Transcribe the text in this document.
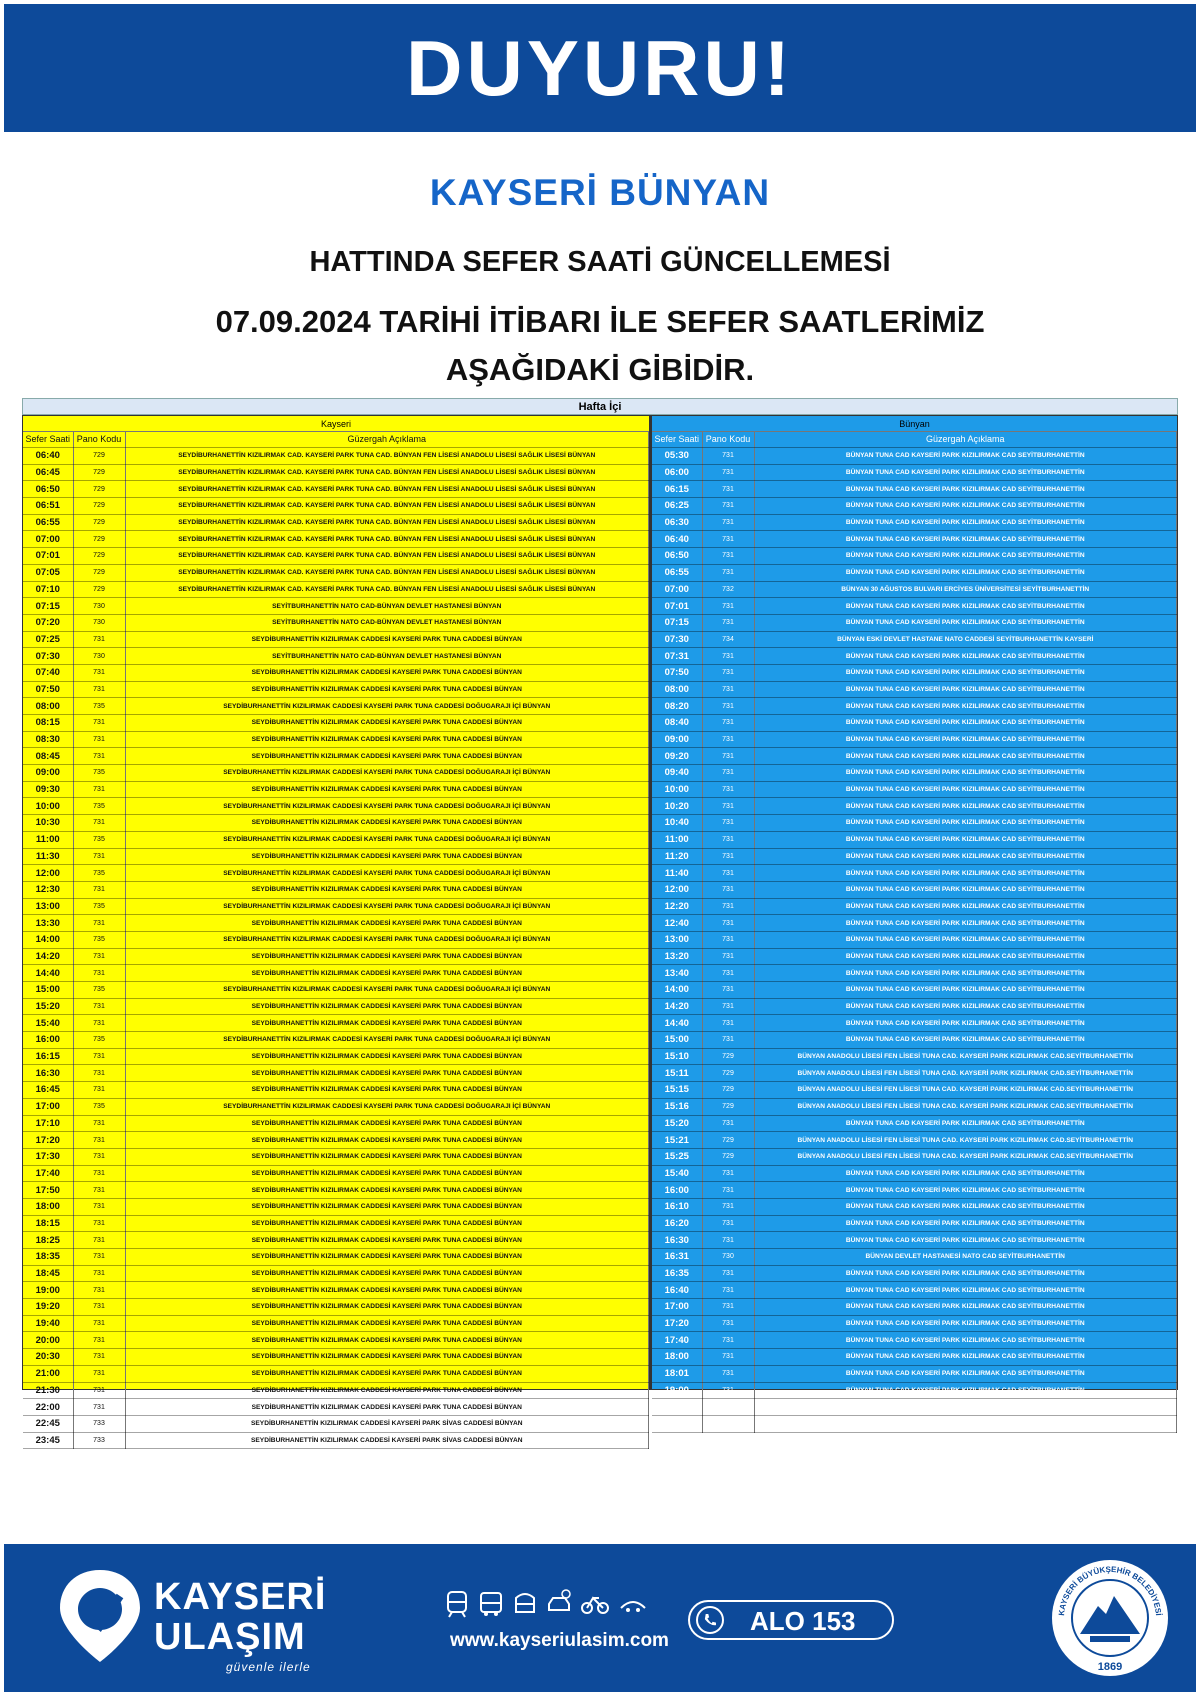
DUYURU!
KAYSERİ BÜNYAN
HATTINDA SEFER SAATİ GÜNCELLEMESİ
07.09.2024 TARİHİ İTİBARI İLE SEFER SAATLERİMİZ
AŞAĞIDAKİ GİBİDİR.
Hafta İçi
Kayseri
Sefer Saati	Pano Kodu	Güzergah Açıklama
06:40	729	SEYDİBURHANETTİN KIZILIRMAK CAD. KAYSERİ PARK TUNA CAD. BÜNYAN FEN LİSESİ ANADOLU LİSESİ SAĞLIK LİSESİ BÜNYAN
06:45	729	SEYDİBURHANETTİN KIZILIRMAK CAD. KAYSERİ PARK TUNA CAD. BÜNYAN FEN LİSESİ ANADOLU LİSESİ SAĞLIK LİSESİ BÜNYAN
06:50	729	SEYDİBURHANETTİN KIZILIRMAK CAD. KAYSERİ PARK TUNA CAD. BÜNYAN FEN LİSESİ ANADOLU LİSESİ SAĞLIK LİSESİ BÜNYAN
06:51	729	SEYDİBURHANETTİN KIZILIRMAK CAD. KAYSERİ PARK TUNA CAD. BÜNYAN FEN LİSESİ ANADOLU LİSESİ SAĞLIK LİSESİ BÜNYAN
06:55	729	SEYDİBURHANETTİN KIZILIRMAK CAD. KAYSERİ PARK TUNA CAD. BÜNYAN FEN LİSESİ ANADOLU LİSESİ SAĞLIK LİSESİ BÜNYAN
07:00	729	SEYDİBURHANETTİN KIZILIRMAK CAD. KAYSERİ PARK TUNA CAD. BÜNYAN FEN LİSESİ ANADOLU LİSESİ SAĞLIK LİSESİ BÜNYAN
07:01	729	SEYDİBURHANETTİN KIZILIRMAK CAD. KAYSERİ PARK TUNA CAD. BÜNYAN FEN LİSESİ ANADOLU LİSESİ SAĞLIK LİSESİ BÜNYAN
07:05	729	SEYDİBURHANETTİN KIZILIRMAK CAD. KAYSERİ PARK TUNA CAD. BÜNYAN FEN LİSESİ ANADOLU LİSESİ SAĞLIK LİSESİ BÜNYAN
07:10	729	SEYDİBURHANETTİN KIZILIRMAK CAD. KAYSERİ PARK TUNA CAD. BÜNYAN FEN LİSESİ ANADOLU LİSESİ SAĞLIK LİSESİ BÜNYAN
07:15	730	SEYİTBURHANETTİN NATO CAD-BÜNYAN DEVLET HASTANESİ BÜNYAN
07:20	730	SEYİTBURHANETTİN NATO CAD-BÜNYAN DEVLET HASTANESİ BÜNYAN
07:25	731	SEYDİBURHANETTİN KIZILIRMAK CADDESİ KAYSERİ PARK TUNA CADDESİ BÜNYAN
07:30	730	SEYİTBURHANETTİN NATO CAD-BÜNYAN DEVLET HASTANESİ BÜNYAN
07:40	731	SEYDİBURHANETTİN KIZILIRMAK CADDESİ KAYSERİ PARK TUNA CADDESİ BÜNYAN
07:50	731	SEYDİBURHANETTİN KIZILIRMAK CADDESİ KAYSERİ PARK TUNA CADDESİ BÜNYAN
08:00	735	SEYDİBURHANETTİN KIZILIRMAK CADDESİ KAYSERİ PARK TUNA CADDESİ DOĞUGARAJI İÇİ BÜNYAN
08:15	731	SEYDİBURHANETTİN KIZILIRMAK CADDESİ KAYSERİ PARK TUNA CADDESİ BÜNYAN
08:30	731	SEYDİBURHANETTİN KIZILIRMAK CADDESİ KAYSERİ PARK TUNA CADDESİ BÜNYAN
08:45	731	SEYDİBURHANETTİN KIZILIRMAK CADDESİ KAYSERİ PARK TUNA CADDESİ BÜNYAN
09:00	735	SEYDİBURHANETTİN KIZILIRMAK CADDESİ KAYSERİ PARK TUNA CADDESİ DOĞUGARAJI İÇİ BÜNYAN
09:30	731	SEYDİBURHANETTİN KIZILIRMAK CADDESİ KAYSERİ PARK TUNA CADDESİ BÜNYAN
10:00	735	SEYDİBURHANETTİN KIZILIRMAK CADDESİ KAYSERİ PARK TUNA CADDESİ DOĞUGARAJI İÇİ BÜNYAN
10:30	731	SEYDİBURHANETTİN KIZILIRMAK CADDESİ KAYSERİ PARK TUNA CADDESİ BÜNYAN
11:00	735	SEYDİBURHANETTİN KIZILIRMAK CADDESİ KAYSERİ PARK TUNA CADDESİ DOĞUGARAJI İÇİ BÜNYAN
11:30	731	SEYDİBURHANETTİN KIZILIRMAK CADDESİ KAYSERİ PARK TUNA CADDESİ BÜNYAN
12:00	735	SEYDİBURHANETTİN KIZILIRMAK CADDESİ KAYSERİ PARK TUNA CADDESİ DOĞUGARAJI İÇİ BÜNYAN
12:30	731	SEYDİBURHANETTİN KIZILIRMAK CADDESİ KAYSERİ PARK TUNA CADDESİ BÜNYAN
13:00	735	SEYDİBURHANETTİN KIZILIRMAK CADDESİ KAYSERİ PARK TUNA CADDESİ DOĞUGARAJI İÇİ BÜNYAN
13:30	731	SEYDİBURHANETTİN KIZILIRMAK CADDESİ KAYSERİ PARK TUNA CADDESİ BÜNYAN
14:00	735	SEYDİBURHANETTİN KIZILIRMAK CADDESİ KAYSERİ PARK TUNA CADDESİ DOĞUGARAJI İÇİ BÜNYAN
14:20	731	SEYDİBURHANETTİN KIZILIRMAK CADDESİ KAYSERİ PARK TUNA CADDESİ BÜNYAN
14:40	731	SEYDİBURHANETTİN KIZILIRMAK CADDESİ KAYSERİ PARK TUNA CADDESİ BÜNYAN
15:00	735	SEYDİBURHANETTİN KIZILIRMAK CADDESİ KAYSERİ PARK TUNA CADDESİ DOĞUGARAJI İÇİ BÜNYAN
15:20	731	SEYDİBURHANETTİN KIZILIRMAK CADDESİ KAYSERİ PARK TUNA CADDESİ BÜNYAN
15:40	731	SEYDİBURHANETTİN KIZILIRMAK CADDESİ KAYSERİ PARK TUNA CADDESİ BÜNYAN
16:00	735	SEYDİBURHANETTİN KIZILIRMAK CADDESİ KAYSERİ PARK TUNA CADDESİ DOĞUGARAJI İÇİ BÜNYAN
16:15	731	SEYDİBURHANETTİN KIZILIRMAK CADDESİ KAYSERİ PARK TUNA CADDESİ BÜNYAN
16:30	731	SEYDİBURHANETTİN KIZILIRMAK CADDESİ KAYSERİ PARK TUNA CADDESİ BÜNYAN
16:45	731	SEYDİBURHANETTİN KIZILIRMAK CADDESİ KAYSERİ PARK TUNA CADDESİ BÜNYAN
17:00	735	SEYDİBURHANETTİN KIZILIRMAK CADDESİ KAYSERİ PARK TUNA CADDESİ DOĞUGARAJI İÇİ BÜNYAN
17:10	731	SEYDİBURHANETTİN KIZILIRMAK CADDESİ KAYSERİ PARK TUNA CADDESİ BÜNYAN
17:20	731	SEYDİBURHANETTİN KIZILIRMAK CADDESİ KAYSERİ PARK TUNA CADDESİ BÜNYAN
17:30	731	SEYDİBURHANETTİN KIZILIRMAK CADDESİ KAYSERİ PARK TUNA CADDESİ BÜNYAN
17:40	731	SEYDİBURHANETTİN KIZILIRMAK CADDESİ KAYSERİ PARK TUNA CADDESİ BÜNYAN
17:50	731	SEYDİBURHANETTİN KIZILIRMAK CADDESİ KAYSERİ PARK TUNA CADDESİ BÜNYAN
18:00	731	SEYDİBURHANETTİN KIZILIRMAK CADDESİ KAYSERİ PARK TUNA CADDESİ BÜNYAN
18:15	731	SEYDİBURHANETTİN KIZILIRMAK CADDESİ KAYSERİ PARK TUNA CADDESİ BÜNYAN
18:25	731	SEYDİBURHANETTİN KIZILIRMAK CADDESİ KAYSERİ PARK TUNA CADDESİ BÜNYAN
18:35	731	SEYDİBURHANETTİN KIZILIRMAK CADDESİ KAYSERİ PARK TUNA CADDESİ BÜNYAN
18:45	731	SEYDİBURHANETTİN KIZILIRMAK CADDESİ KAYSERİ PARK TUNA CADDESİ BÜNYAN
19:00	731	SEYDİBURHANETTİN KIZILIRMAK CADDESİ KAYSERİ PARK TUNA CADDESİ BÜNYAN
19:20	731	SEYDİBURHANETTİN KIZILIRMAK CADDESİ KAYSERİ PARK TUNA CADDESİ BÜNYAN
19:40	731	SEYDİBURHANETTİN KIZILIRMAK CADDESİ KAYSERİ PARK TUNA CADDESİ BÜNYAN
20:00	731	SEYDİBURHANETTİN KIZILIRMAK CADDESİ KAYSERİ PARK TUNA CADDESİ BÜNYAN
20:30	731	SEYDİBURHANETTİN KIZILIRMAK CADDESİ KAYSERİ PARK TUNA CADDESİ BÜNYAN
21:00	731	SEYDİBURHANETTİN KIZILIRMAK CADDESİ KAYSERİ PARK TUNA CADDESİ BÜNYAN
21:30	731	SEYDİBURHANETTİN KIZILIRMAK CADDESİ KAYSERİ PARK TUNA CADDESİ BÜNYAN
22:00	731	SEYDİBURHANETTİN KIZILIRMAK CADDESİ KAYSERİ PARK TUNA CADDESİ BÜNYAN
22:45	733	SEYDİBURHANETTİN KIZILIRMAK CADDESİ KAYSERİ PARK SİVAS CADDESİ BÜNYAN
23:45	733	SEYDİBURHANETTİN KIZILIRMAK CADDESİ KAYSERİ PARK SİVAS CADDESİ BÜNYAN
Bünyan
Sefer Saati	Pano Kodu	Güzergah Açıklama
05:30	731	BÜNYAN TUNA CAD KAYSERİ PARK KIZILIRMAK CAD SEYİTBURHANETTİN
06:00	731	BÜNYAN TUNA CAD KAYSERİ PARK KIZILIRMAK CAD SEYİTBURHANETTİN
06:15	731	BÜNYAN TUNA CAD KAYSERİ PARK KIZILIRMAK CAD SEYİTBURHANETTİN
06:25	731	BÜNYAN TUNA CAD KAYSERİ PARK KIZILIRMAK CAD SEYİTBURHANETTİN
06:30	731	BÜNYAN TUNA CAD KAYSERİ PARK KIZILIRMAK CAD SEYİTBURHANETTİN
06:40	731	BÜNYAN TUNA CAD KAYSERİ PARK KIZILIRMAK CAD SEYİTBURHANETTİN
06:50	731	BÜNYAN TUNA CAD KAYSERİ PARK KIZILIRMAK CAD SEYİTBURHANETTİN
06:55	731	BÜNYAN TUNA CAD KAYSERİ PARK KIZILIRMAK CAD SEYİTBURHANETTİN
07:00	732	BÜNYAN 30 AĞUSTOS BULVARI ERCİYES ÜNİVERSİTESİ SEYİTBURHANETTİN
07:01	731	BÜNYAN TUNA CAD KAYSERİ PARK KIZILIRMAK CAD SEYİTBURHANETTİN
07:15	731	BÜNYAN TUNA CAD KAYSERİ PARK KIZILIRMAK CAD SEYİTBURHANETTİN
07:30	734	BÜNYAN ESKİ DEVLET HASTANE NATO CADDESİ SEYİTBURHANETTİN KAYSERİ
07:31	731	BÜNYAN TUNA CAD KAYSERİ PARK KIZILIRMAK CAD SEYİTBURHANETTİN
07:50	731	BÜNYAN TUNA CAD KAYSERİ PARK KIZILIRMAK CAD SEYİTBURHANETTİN
08:00	731	BÜNYAN TUNA CAD KAYSERİ PARK KIZILIRMAK CAD SEYİTBURHANETTİN
08:20	731	BÜNYAN TUNA CAD KAYSERİ PARK KIZILIRMAK CAD SEYİTBURHANETTİN
08:40	731	BÜNYAN TUNA CAD KAYSERİ PARK KIZILIRMAK CAD SEYİTBURHANETTİN
09:00	731	BÜNYAN TUNA CAD KAYSERİ PARK KIZILIRMAK CAD SEYİTBURHANETTİN
09:20	731	BÜNYAN TUNA CAD KAYSERİ PARK KIZILIRMAK CAD SEYİTBURHANETTİN
09:40	731	BÜNYAN TUNA CAD KAYSERİ PARK KIZILIRMAK CAD SEYİTBURHANETTİN
10:00	731	BÜNYAN TUNA CAD KAYSERİ PARK KIZILIRMAK CAD SEYİTBURHANETTİN
10:20	731	BÜNYAN TUNA CAD KAYSERİ PARK KIZILIRMAK CAD SEYİTBURHANETTİN
10:40	731	BÜNYAN TUNA CAD KAYSERİ PARK KIZILIRMAK CAD SEYİTBURHANETTİN
11:00	731	BÜNYAN TUNA CAD KAYSERİ PARK KIZILIRMAK CAD SEYİTBURHANETTİN
11:20	731	BÜNYAN TUNA CAD KAYSERİ PARK KIZILIRMAK CAD SEYİTBURHANETTİN
11:40	731	BÜNYAN TUNA CAD KAYSERİ PARK KIZILIRMAK CAD SEYİTBURHANETTİN
12:00	731	BÜNYAN TUNA CAD KAYSERİ PARK KIZILIRMAK CAD SEYİTBURHANETTİN
12:20	731	BÜNYAN TUNA CAD KAYSERİ PARK KIZILIRMAK CAD SEYİTBURHANETTİN
12:40	731	BÜNYAN TUNA CAD KAYSERİ PARK KIZILIRMAK CAD SEYİTBURHANETTİN
13:00	731	BÜNYAN TUNA CAD KAYSERİ PARK KIZILIRMAK CAD SEYİTBURHANETTİN
13:20	731	BÜNYAN TUNA CAD KAYSERİ PARK KIZILIRMAK CAD SEYİTBURHANETTİN
13:40	731	BÜNYAN TUNA CAD KAYSERİ PARK KIZILIRMAK CAD SEYİTBURHANETTİN
14:00	731	BÜNYAN TUNA CAD KAYSERİ PARK KIZILIRMAK CAD SEYİTBURHANETTİN
14:20	731	BÜNYAN TUNA CAD KAYSERİ PARK KIZILIRMAK CAD SEYİTBURHANETTİN
14:40	731	BÜNYAN TUNA CAD KAYSERİ PARK KIZILIRMAK CAD SEYİTBURHANETTİN
15:00	731	BÜNYAN TUNA CAD KAYSERİ PARK KIZILIRMAK CAD SEYİTBURHANETTİN
15:10	729	BÜNYAN ANADOLU LİSESİ FEN LİSESİ TUNA CAD. KAYSERİ PARK KIZILIRMAK CAD.SEYİTBURHANETTİN
15:11	729	BÜNYAN ANADOLU LİSESİ FEN LİSESİ TUNA CAD. KAYSERİ PARK KIZILIRMAK CAD.SEYİTBURHANETTİN
15:15	729	BÜNYAN ANADOLU LİSESİ FEN LİSESİ TUNA CAD. KAYSERİ PARK KIZILIRMAK CAD.SEYİTBURHANETTİN
15:16	729	BÜNYAN ANADOLU LİSESİ FEN LİSESİ TUNA CAD. KAYSERİ PARK KIZILIRMAK CAD.SEYİTBURHANETTİN
15:20	731	BÜNYAN TUNA CAD KAYSERİ PARK KIZILIRMAK CAD SEYİTBURHANETTİN
15:21	729	BÜNYAN ANADOLU LİSESİ FEN LİSESİ TUNA CAD. KAYSERİ PARK KIZILIRMAK CAD.SEYİTBURHANETTİN
15:25	729	BÜNYAN ANADOLU LİSESİ FEN LİSESİ TUNA CAD. KAYSERİ PARK KIZILIRMAK CAD.SEYİTBURHANETTİN
15:40	731	BÜNYAN TUNA CAD KAYSERİ PARK KIZILIRMAK CAD SEYİTBURHANETTİN
16:00	731	BÜNYAN TUNA CAD KAYSERİ PARK KIZILIRMAK CAD SEYİTBURHANETTİN
16:10	731	BÜNYAN TUNA CAD KAYSERİ PARK KIZILIRMAK CAD SEYİTBURHANETTİN
16:20	731	BÜNYAN TUNA CAD KAYSERİ PARK KIZILIRMAK CAD SEYİTBURHANETTİN
16:30	731	BÜNYAN TUNA CAD KAYSERİ PARK KIZILIRMAK CAD SEYİTBURHANETTİN
16:31	730	BÜNYAN DEVLET HASTANESİ NATO CAD SEYİTBURHANETTİN
16:35	731	BÜNYAN TUNA CAD KAYSERİ PARK KIZILIRMAK CAD SEYİTBURHANETTİN
16:40	731	BÜNYAN TUNA CAD KAYSERİ PARK KIZILIRMAK CAD SEYİTBURHANETTİN
17:00	731	BÜNYAN TUNA CAD KAYSERİ PARK KIZILIRMAK CAD SEYİTBURHANETTİN
17:20	731	BÜNYAN TUNA CAD KAYSERİ PARK KIZILIRMAK CAD SEYİTBURHANETTİN
17:40	731	BÜNYAN TUNA CAD KAYSERİ PARK KIZILIRMAK CAD SEYİTBURHANETTİN
18:00	731	BÜNYAN TUNA CAD KAYSERİ PARK KIZILIRMAK CAD SEYİTBURHANETTİN
18:01	731	BÜNYAN TUNA CAD KAYSERİ PARK KIZILIRMAK CAD SEYİTBURHANETTİN
19:00	731	BÜNYAN TUNA CAD KAYSERİ PARK KIZILIRMAK CAD SEYİTBURHANETTİN
20:00	731	BÜNYAN TUNA CAD KAYSERİ PARK KIZILIRMAK CAD SEYİTBURHANETTİN
21:30	731	BÜNYAN TUNA CAD KAYSERİ PARK KIZILIRMAK CAD SEYİTBURHANETTİN
KAYSERİ
ULAŞIM
güvenle ilerle
www.kayseriulasim.com
ALO 153
1869
KAYSERİ BÜYÜKŞEHİR BELEDİYESİ
